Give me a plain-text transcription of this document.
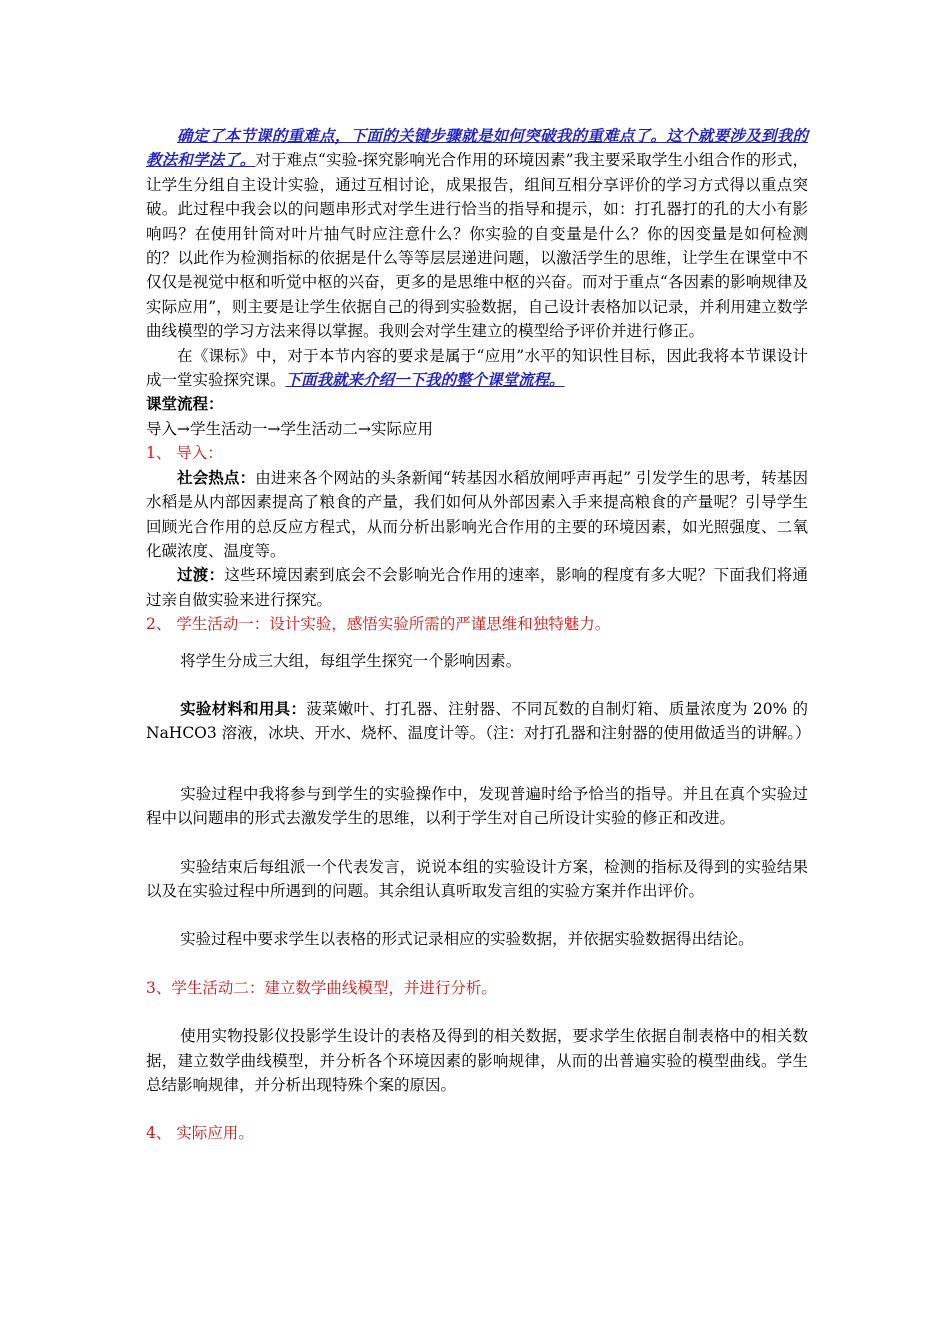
确定了本节课的重难点，下面的关键步骤就是如何突破我的重难点了。这个就要涉及到我的教法和学法了。对于难点“实验-探究影响光合作用的环境因素”我主要采取学生小组合作的形式，让学生分组自主设计实验，通过互相讨论，成果报告，组间互相分享评价的学习方式得以重点突破。此过程中我会以的问题串形式对学生进行恰当的指导和提示，如：打孔器打的孔的大小有影响吗？在使用针筒对叶片抽气时应注意什么？你实验的自变量是什么？你的因变量是如何检测的？以此作为检测指标的依据是什么等等层层递进问题，以激活学生的思维，让学生在课堂中不仅仅是视觉中枢和听觉中枢的兴奋，更多的是思维中枢的兴奋。而对于重点“各因素的影响规律及实际应用”，则主要是让学生依据自己的得到实验数据，自己设计表格加以记录，并利用建立数学曲线模型的学习方法来得以掌握。我则会对学生建立的模型给予评价并进行修正。

在《课标》中，对于本节内容的要求是属于“应用”水平的知识性目标，因此我将本节课设计成一堂实验探究课。下面我就来介绍一下我的整个课堂流程。

课堂流程：

导入→学生活动一→学生活动二→实际应用

1、 导入：

社会热点：由进来各个网站的头条新闻“转基因水稻放闸呼声再起” 引发学生的思考，转基因水稻是从内部因素提高了粮食的产量，我们如何从外部因素入手来提高粮食的产量呢？引导学生回顾光合作用的总反应方程式，从而分析出影响光合作用的主要的环境因素，如光照强度、二氧化碳浓度、温度等。

过渡：这些环境因素到底会不会影响光合作用的速率，影响的程度有多大呢？下面我们将通过亲自做实验来进行探究。

2、 学生活动一：设计实验，感悟实验所需的严谨思维和独特魅力。

将学生分成三大组，每组学生探究一个影响因素。

实验材料和用具：菠菜嫩叶、打孔器、注射器、不同瓦数的自制灯箱、质量浓度为 20% 的 NaHCO3 溶液，冰块、开水、烧杯、温度计等。（注：对打孔器和注射器的使用做适当的讲解。）

实验过程中我将参与到学生的实验操作中，发现普遍时给予恰当的指导。并且在真个实验过程中以问题串的形式去激发学生的思维，以利于学生对自己所设计实验的修正和改进。

实验结束后每组派一个代表发言，说说本组的实验设计方案，检测的指标及得到的实验结果以及在实验过程中所遇到的问题。其余组认真听取发言组的实验方案并作出评价。

实验过程中要求学生以表格的形式记录相应的实验数据，并依据实验数据得出结论。

3、学生活动二：建立数学曲线模型，并进行分析。

使用实物投影仪投影学生设计的表格及得到的相关数据，要求学生依据自制表格中的相关数据，建立数学曲线模型，并分析各个环境因素的影响规律，从而的出普遍实验的模型曲线。学生总结影响规律，并分析出现特殊个案的原因。

4、 实际应用。
